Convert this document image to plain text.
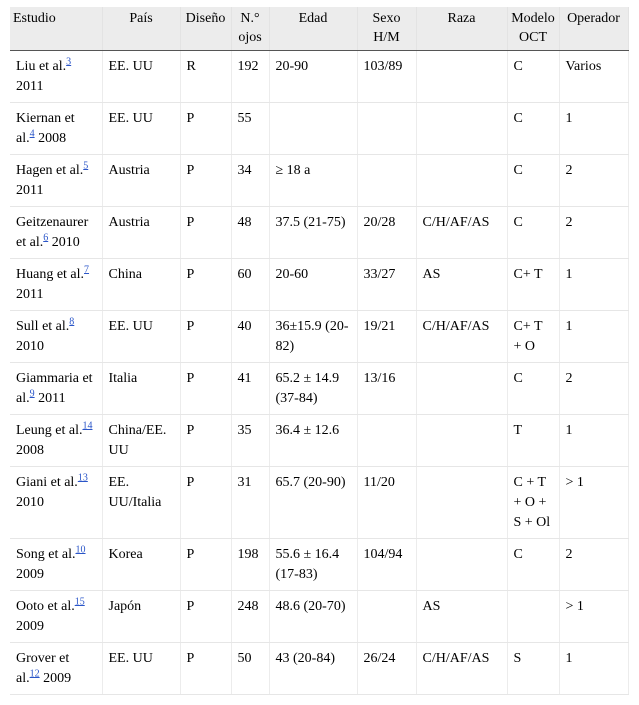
Estudio	País	Diseño	N.° ojos	Edad	Sexo H/M	Raza	Modelo OCT	Operador
Liu et al.$^3$ 2011	EE. UU	R	192	20-90	103/89		C	Varios
Kiernan et al.$^4$ 2008	EE. UU	P	55				C	1
Hagen et al.$^5$ 2011	Austria	P	34	≥ 18 a			C	2
Geitzenaurer et al.$^6$ 2010	Austria	P	48	37.5 (21-75)	20/28	C/H/AF/AS	C	2
Huang et al.$^7$ 2011	China	P	60	20-60	33/27	AS	C+ T	1
Sull et al.$^8$ 2010	EE. UU	P	40	36±15.9 (20-82)	19/21	C/H/AF/AS	C+ T + O	1
Giammaria et al.$^9$ 2011	Italia	P	41	65.2 ± 14.9 (37-84)	13/16		C	2
Leung et al.$^{14}$ 2008	China/EE. UU	P	35	36.4 ± 12.6			T	1
Giani et al.$^{13}$ 2010	EE. UU/Italia	P	31	65.7 (20-90)	11/20		C + T + O + S + Ol	> 1
Song et al.$^{10}$ 2009	Korea	P	198	55.6 ± 16.4 (17-83)	104/94		C	2
Ooto et al.$^{15}$ 2009	Japón	P	248	48.6 (20-70)		AS		> 1
Grover et al.$^{12}$ 2009	EE. UU	P	50	43 (20-84)	26/24	C/H/AF/AS	S	1
